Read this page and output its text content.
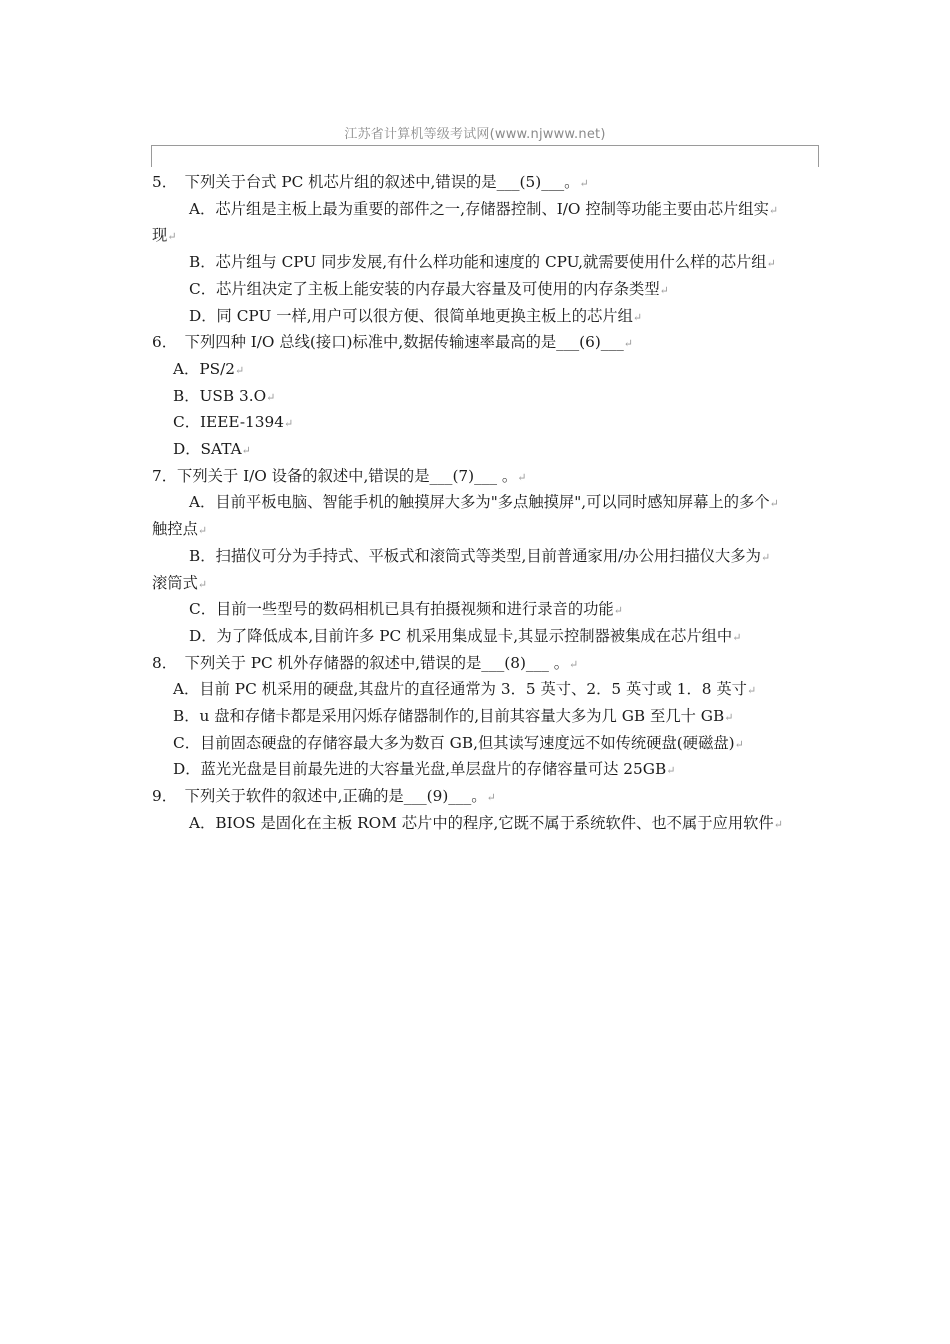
江苏省计算机等级考试网(www.njwww.net)
5．　下列关于台式 PC 机芯片组的叙述中,错误的是___(5)___。↵
A．芯片组是主板上最为重要的部件之一,存储器控制、I/O 控制等功能主要由芯片组实↵
现↵
B．芯片组与 CPU 同步发展,有什么样功能和速度的 CPU,就需要使用什么样的芯片组↵
C．芯片组决定了主板上能安装的内存最大容量及可使用的内存条类型↵
D．同 CPU 一样,用户可以很方便、很简单地更换主板上的芯片组↵
6．　下列四种 I/O 总线(接口)标准中,数据传输速率最高的是___(6)___↵
A．PS/2↵
B．USB 3.O↵
C．IEEE-1394↵
D．SATA↵
7．下列关于 I/O 设备的叙述中,错误的是___(7)___ 。↵
A．目前平板电脑、智能手机的触摸屏大多为"多点触摸屏",可以同时感知屏幕上的多个↵
触控点↵
B．扫描仪可分为手持式、平板式和滚筒式等类型,目前普通家用/办公用扫描仪大多为↵
滚筒式↵
C．目前一些型号的数码相机已具有拍摄视频和进行录音的功能↵
D．为了降低成本,目前许多 PC 机采用集成显卡,其显示控制器被集成在芯片组中↵
8．　下列关于 PC 机外存储器的叙述中,错误的是___(8)___ 。↵
A．目前 PC 机采用的硬盘,其盘片的直径通常为 3．5 英寸、2．5 英寸或 1．8 英寸↵
B．u 盘和存储卡都是采用闪烁存储器制作的,目前其容量大多为几 GB 至几十 GB↵
C．目前固态硬盘的存储容最大多为数百 GB,但其读写速度远不如传统硬盘(硬磁盘)↵
D．蓝光光盘是目前最先进的大容量光盘,单层盘片的存储容量可达 25GB↵
9．　下列关于软件的叙述中,正确的是___(9)___。↵
A．BIOS 是固化在主板 ROM 芯片中的程序,它既不属于系统软件、也不属于应用软件↵
